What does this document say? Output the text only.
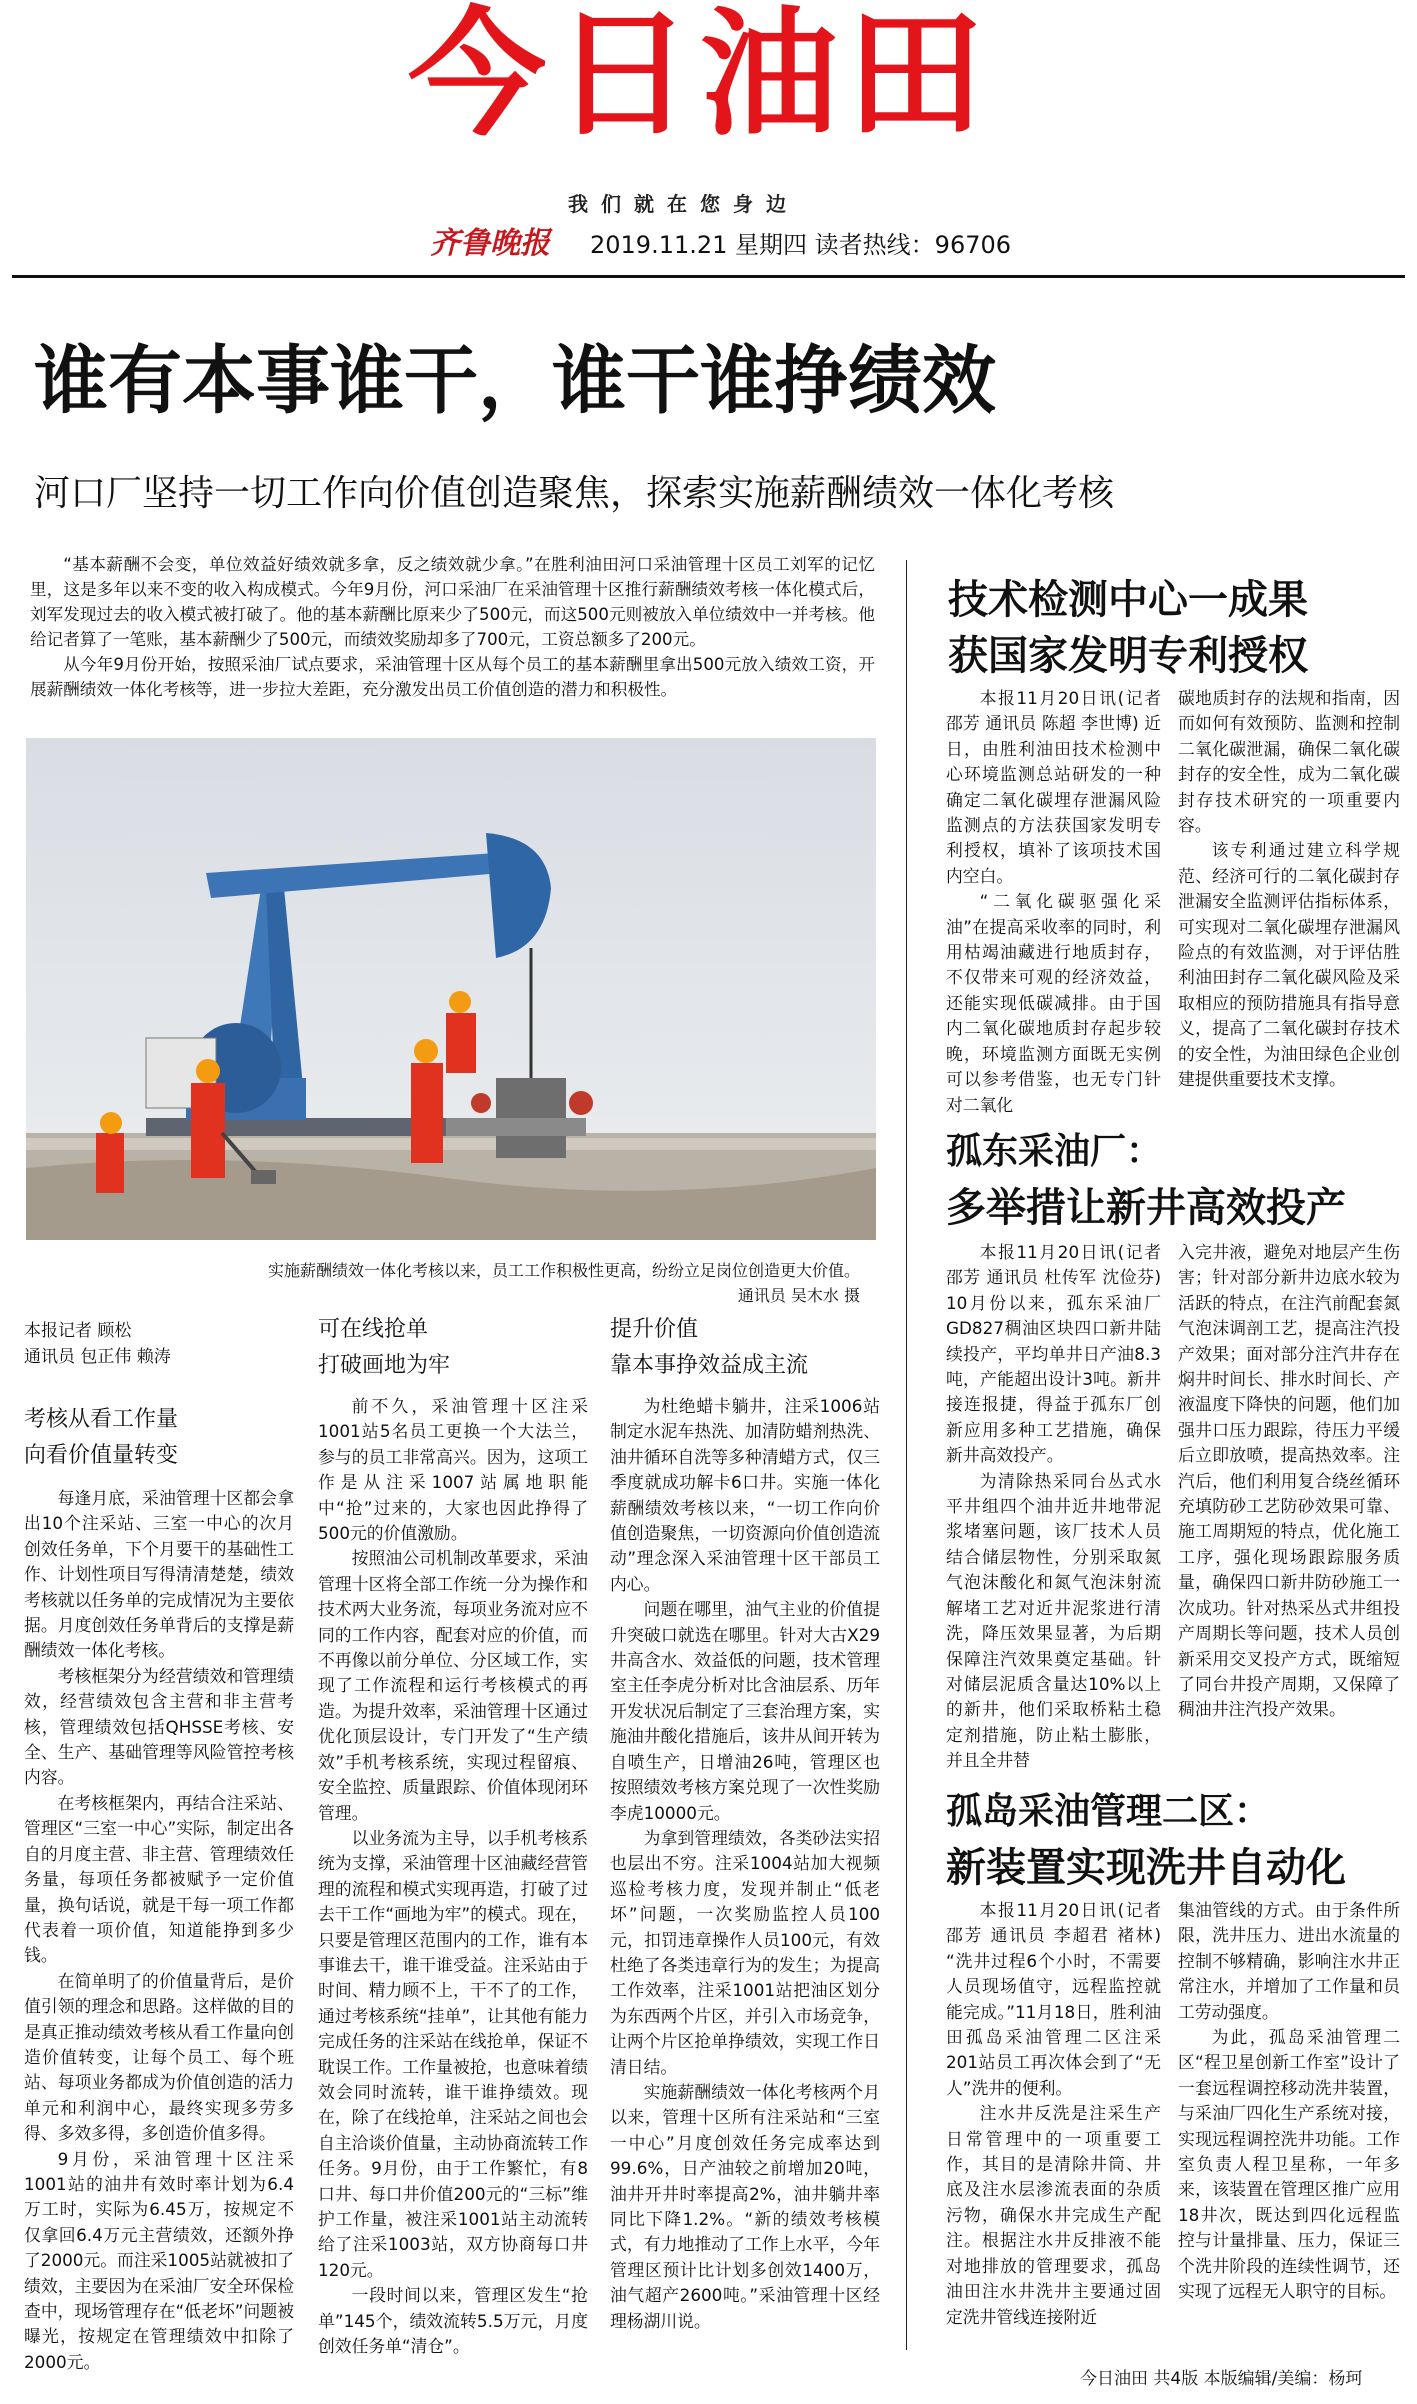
今日油田
我们就在您身边
齐鲁晚报 2019.11.21 星期四 读者热线：96706
谁有本事谁干，谁干谁挣绩效
河口厂坚持一切工作向价值创造聚焦，探索实施薪酬绩效一体化考核

“基本薪酬不会变，单位效益好绩效就多拿，反之绩效就少拿。”在胜利油田河口采油管理十区员工刘军的记忆里，这是多年以来不变的收入构成模式。今年9月份，河口采油厂在采油管理十区推行薪酬绩效考核一体化模式后，刘军发现过去的收入模式被打破了。他的基本薪酬比原来少了500元，而这500元则被放入单位绩效中一并考核。他给记者算了一笔账，基本薪酬少了500元，而绩效奖励却多了700元，工资总额多了200元。

从今年9月份开始，按照采油厂试点要求，采油管理十区从每个员工的基本薪酬里拿出500元放入绩效工资，开展薪酬绩效一体化考核等，进一步拉大差距，充分激发出员工价值创造的潜力和积极性。

实施薪酬绩效一体化考核以来，员工工作积极性更高，纷纷立足岗位创造更大价值。
通讯员 吴木水 摄
本报记者 顾松
通讯员 包正伟 赖涛
考核从看工作量
向看价值量转变

每逢月底，采油管理十区都会拿出10个注采站、三室一中心的次月创效任务单，下个月要干的基础性工作、计划性项目写得清清楚楚，绩效考核就以任务单的完成情况为主要依据。月度创效任务单背后的支撑是薪酬绩效一体化考核。

考核框架分为经营绩效和管理绩效，经营绩效包含主营和非主营考核，管理绩效包括QHSSE考核、安全、生产、基础管理等风险管控考核内容。

在考核框架内，再结合注采站、管理区“三室一中心”实际，制定出各自的月度主营、非主营、管理绩效任务量，每项任务都被赋予一定价值量，换句话说，就是干每一项工作都代表着一项价值，知道能挣到多少钱。

在简单明了的价值量背后，是价值引领的理念和思路。这样做的目的是真正推动绩效考核从看工作量向创造价值转变，让每个员工、每个班站、每项业务都成为价值创造的活力单元和利润中心，最终实现多劳多得、多效多得，多创造价值多得。

9月份，采油管理十区注采1001站的油井有效时率计划为6.4万工时，实际为6.45万，按规定不仅拿回6.4万元主营绩效，还额外挣了2000元。而注采1005站就被扣了绩效，主要因为在采油厂安全环保检查中，现场管理存在“低老坏”问题被曝光，按规定在管理绩效中扣除了2000元。

可在线抢单
打破画地为牢

前不久，采油管理十区注采1001站5名员工更换一个大法兰，参与的员工非常高兴。因为，这项工作是从注采1007站属地职能中“抢”过来的，大家也因此挣得了500元的价值激励。

按照油公司机制改革要求，采油管理十区将全部工作统一分为操作和技术两大业务流，每项业务流对应不同的工作内容，配套对应的价值，而不再像以前分单位、分区域工作，实现了工作流程和运行考核模式的再造。为提升效率，采油管理十区通过优化顶层设计，专门开发了“生产绩效”手机考核系统，实现过程留痕、安全监控、质量跟踪、价值体现闭环管理。

以业务流为主导，以手机考核系统为支撑，采油管理十区油藏经营管理的流程和模式实现再造，打破了过去干工作“画地为牢”的模式。现在，只要是管理区范围内的工作，谁有本事谁去干，谁干谁受益。注采站由于时间、精力顾不上，干不了的工作，通过考核系统“挂单”，让其他有能力完成任务的注采站在线抢单，保证不耽误工作。工作量被抢，也意味着绩效会同时流转，谁干谁挣绩效。现在，除了在线抢单，注采站之间也会自主洽谈价值量，主动协商流转工作任务。9月份，由于工作繁忙，有8口井、每口井价值200元的“三标”维护工作量，被注采1001站主动流转给了注采1003站，双方协商每口井120元。

一段时间以来，管理区发生“抢单”145个，绩效流转5.5万元，月度创效任务单“清仓”。

提升价值
靠本事挣效益成主流

为杜绝蜡卡躺井，注采1006站制定水泥车热洗、加清防蜡剂热洗、油井循环自洗等多种清蜡方式，仅三季度就成功解卡6口井。实施一体化薪酬绩效考核以来，“一切工作向价值创造聚焦，一切资源向价值创造流动”理念深入采油管理十区干部员工内心。

问题在哪里，油气主业的价值提升突破口就选在哪里。针对大古X29井高含水、效益低的问题，技术管理室主任李虎分析对比含油层系、历年开发状况后制定了三套治理方案，实施油井酸化措施后，该井从间开转为自喷生产，日增油26吨，管理区也按照绩效考核方案兑现了一次性奖励李虎10000元。

为拿到管理绩效，各类砂法实招也层出不穷。注采1004站加大视频巡检考核力度，发现并制止“低老坏”问题，一次奖励监控人员100元，扣罚违章操作人员100元，有效杜绝了各类违章行为的发生；为提高工作效率，注采1001站把油区划分为东西两个片区，并引入市场竞争，让两个片区抢单挣绩效，实现工作日清日结。

实施薪酬绩效一体化考核两个月以来，管理十区所有注采站和“三室一中心”月度创效任务完成率达到99.6%，日产油较之前增加20吨，油井开井时率提高2%，油井躺井率同比下降1.2%。“新的绩效考核模式，有力地推动了工作上水平，今年管理区预计比计划多创效1400万，油气超产2600吨。”采油管理十区经理杨湖川说。

技术检测中心一成果
获国家发明专利授权

本报11月20日讯(记者 邵芳 通讯员 陈超 李世博) 近日，由胜利油田技术检测中心环境监测总站研发的一种确定二氧化碳埋存泄漏风险监测点的方法获国家发明专利授权，填补了该项技术国内空白。

“二氧化碳驱强化采油”在提高采收率的同时，利用枯竭油藏进行地质封存，不仅带来可观的经济效益，还能实现低碳减排。由于国内二氧化碳地质封存起步较晚，环境监测方面既无实例可以参考借鉴，也无专门针对二氧化

碳地质封存的法规和指南，因而如何有效预防、监测和控制二氧化碳泄漏，确保二氧化碳封存的安全性，成为二氧化碳封存技术研究的一项重要内容。

该专利通过建立科学规范、经济可行的二氧化碳封存泄漏安全监测评估指标体系，可实现对二氧化碳埋存泄漏风险点的有效监测，对于评估胜利油田封存二氧化碳风险及采取相应的预防措施具有指导意义，提高了二氧化碳封存技术的安全性，为油田绿色企业创建提供重要技术支撑。

孤东采油厂：
多举措让新井高效投产

本报11月20日讯(记者 邵芳 通讯员 杜传军 沈俭芬) 10月份以来，孤东采油厂GD827稠油区块四口新井陆续投产，平均单井日产油8.3吨，产能超出设计3吨。新井接连报捷，得益于孤东厂创新应用多种工艺措施，确保新井高效投产。

为清除热采同台丛式水平井组四个油井近井地带泥浆堵塞问题，该厂技术人员结合储层物性，分别采取氮气泡沫酸化和氮气泡沫射流解堵工艺对近井泥浆进行清洗，降压效果显著，为后期保障注汽效果奠定基础。针对储层泥质含量达10%以上的新井，他们采取桥粘土稳定剂措施，防止粘土膨胀，并且全井替

入完井液，避免对地层产生伤害；针对部分新井边底水较为活跃的特点，在注汽前配套氮气泡沫调剖工艺，提高注汽投产效果；面对部分注汽井存在焖井时间长、排水时间长、产液温度下降快的问题，他们加强井口压力跟踪，待压力平缓后立即放喷，提高热效率。注汽后，他们利用复合绕丝循环充填防砂工艺防砂效果可靠、施工周期短的特点，优化施工工序，强化现场跟踪服务质量，确保四口新井防砂施工一次成功。针对热采丛式井组投产周期长等问题，技术人员创新采用交叉投产方式，既缩短了同台井投产周期，又保障了稠油井注汽投产效果。

孤岛采油管理二区：
新装置实现洗井自动化

本报11月20日讯(记者 邵芳 通讯员 李超君 褚林) “洗井过程6个小时，不需要人员现场值守，远程监控就能完成。”11月18日，胜利油田孤岛采油管理二区注采201站员工再次体会到了“无人”洗井的便利。

注水井反洗是注采生产日常管理中的一项重要工作，其目的是清除井筒、井底及注水层渗流表面的杂质污物，确保水井完成生产配注。根据注水井反排液不能对地排放的管理要求，孤岛油田注水井洗井主要通过固定洗井管线连接附近

集油管线的方式。由于条件所限，洗井压力、进出水流量的控制不够精确，影响注水井正常注水，并增加了工作量和员工劳动强度。

为此，孤岛采油管理二区“程卫星创新工作室”设计了一套远程调控移动洗井装置，与采油厂四化生产系统对接，实现远程调控洗井功能。工作室负责人程卫星称，一年多来，该装置在管理区推广应用18井次，既达到四化远程监控与计量排量、压力，保证三个洗井阶段的连续性调节，还实现了远程无人职守的目标。

今日油田 共4版 本版编辑/美编：杨珂
